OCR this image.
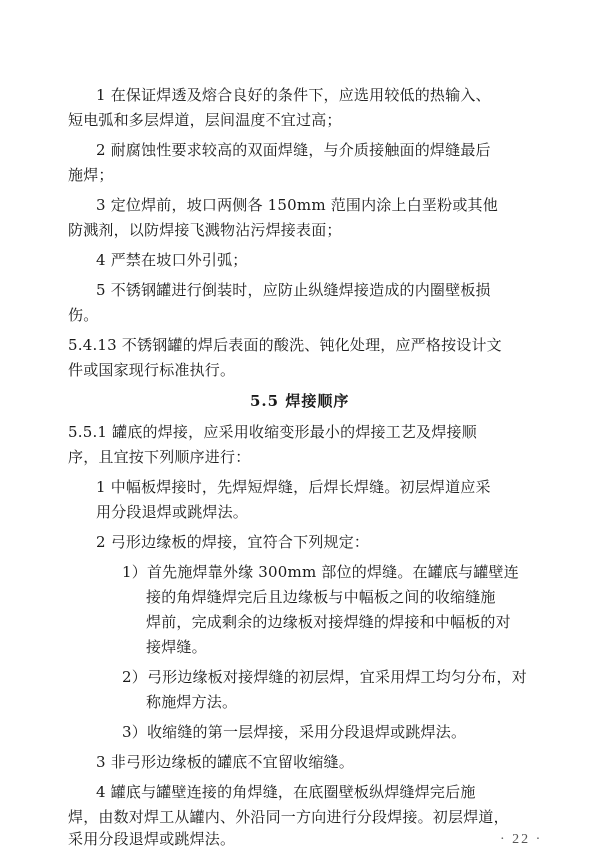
1 在保证焊透及熔合良好的条件下，应选用较低的热输入、
短电弧和多层焊道，层间温度不宜过高；
2 耐腐蚀性要求较高的双面焊缝，与介质接触面的焊缝最后
施焊；
3 定位焊前，坡口两侧各 150mm 范围内涂上白垩粉或其他
防溅剂，以防焊接飞溅物沾污焊接表面；
4 严禁在坡口外引弧；
5 不锈钢罐进行倒装时，应防止纵缝焊接造成的内圈壁板损
伤。
5.4.13 不锈钢罐的焊后表面的酸洗、钝化处理，应严格按设计文
件或国家现行标准执行。
5.5 焊接顺序
5.5.1 罐底的焊接，应采用收缩变形最小的焊接工艺及焊接顺
序，且宜按下列顺序进行：
1 中幅板焊接时，先焊短焊缝，后焊长焊缝。初层焊道应采
用分段退焊或跳焊法。
2 弓形边缘板的焊接，宜符合下列规定：
1）首先施焊靠外缘 300mm 部位的焊缝。在罐底与罐壁连
接的角焊缝焊完后且边缘板与中幅板之间的收缩缝施
焊前，完成剩余的边缘板对接焊缝的焊接和中幅板的对
接焊缝。
2）弓形边缘板对接焊缝的初层焊，宜采用焊工均匀分布，对
称施焊方法。
3）收缩缝的第一层焊接，采用分段退焊或跳焊法。
3 非弓形边缘板的罐底不宜留收缩缝。
4 罐底与罐壁连接的角焊缝，在底圈壁板纵焊缝焊完后施
焊，由数对焊工从罐内、外沿同一方向进行分段焊接。初层焊道，
采用分段退焊或跳焊法。	· 22 ·
